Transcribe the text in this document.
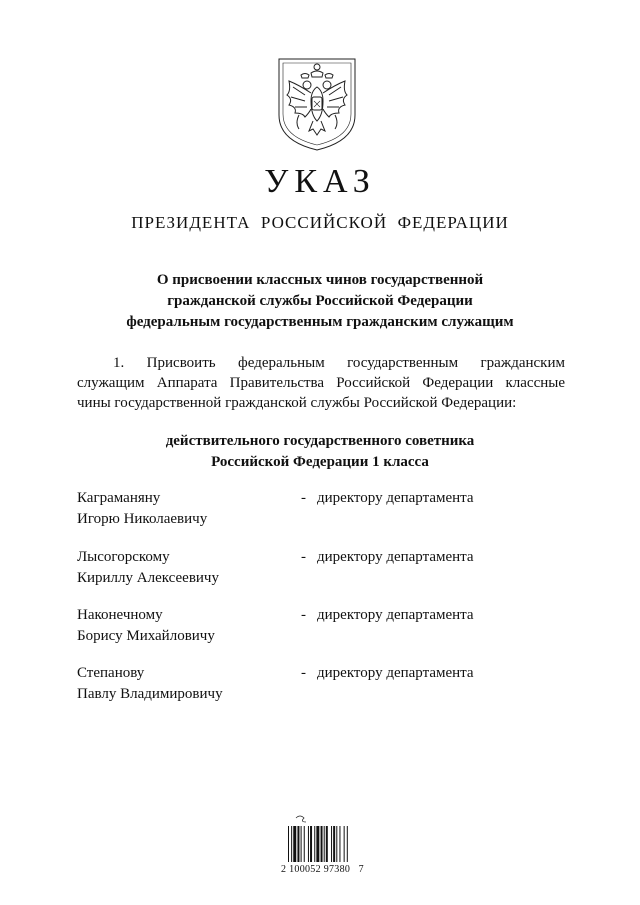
УКАЗ
ПРЕЗИДЕНТА  РОССИЙСКОЙ  ФЕДЕРАЦИИ
О присвоении классных чинов государственной
гражданской службы Российской Федерации
федеральным государственным гражданским служащим
1. Присвоить федеральным государственным гражданским
служащим Аппарата Правительства Российской Федерации классные
чины государственной гражданской службы Российской Федерации:
действительного государственного советника
Российской Федерации 1 класса
Каграманяну
Игорю Николаевичу
- директору департамента
Лысогорскому
Кириллу Алексеевичу
- директору департамента
Наконечному
Борису Михайловичу
- директору департамента
Степанову
Павлу Владимировичу
- директору департамента
2 100052 97380   7
